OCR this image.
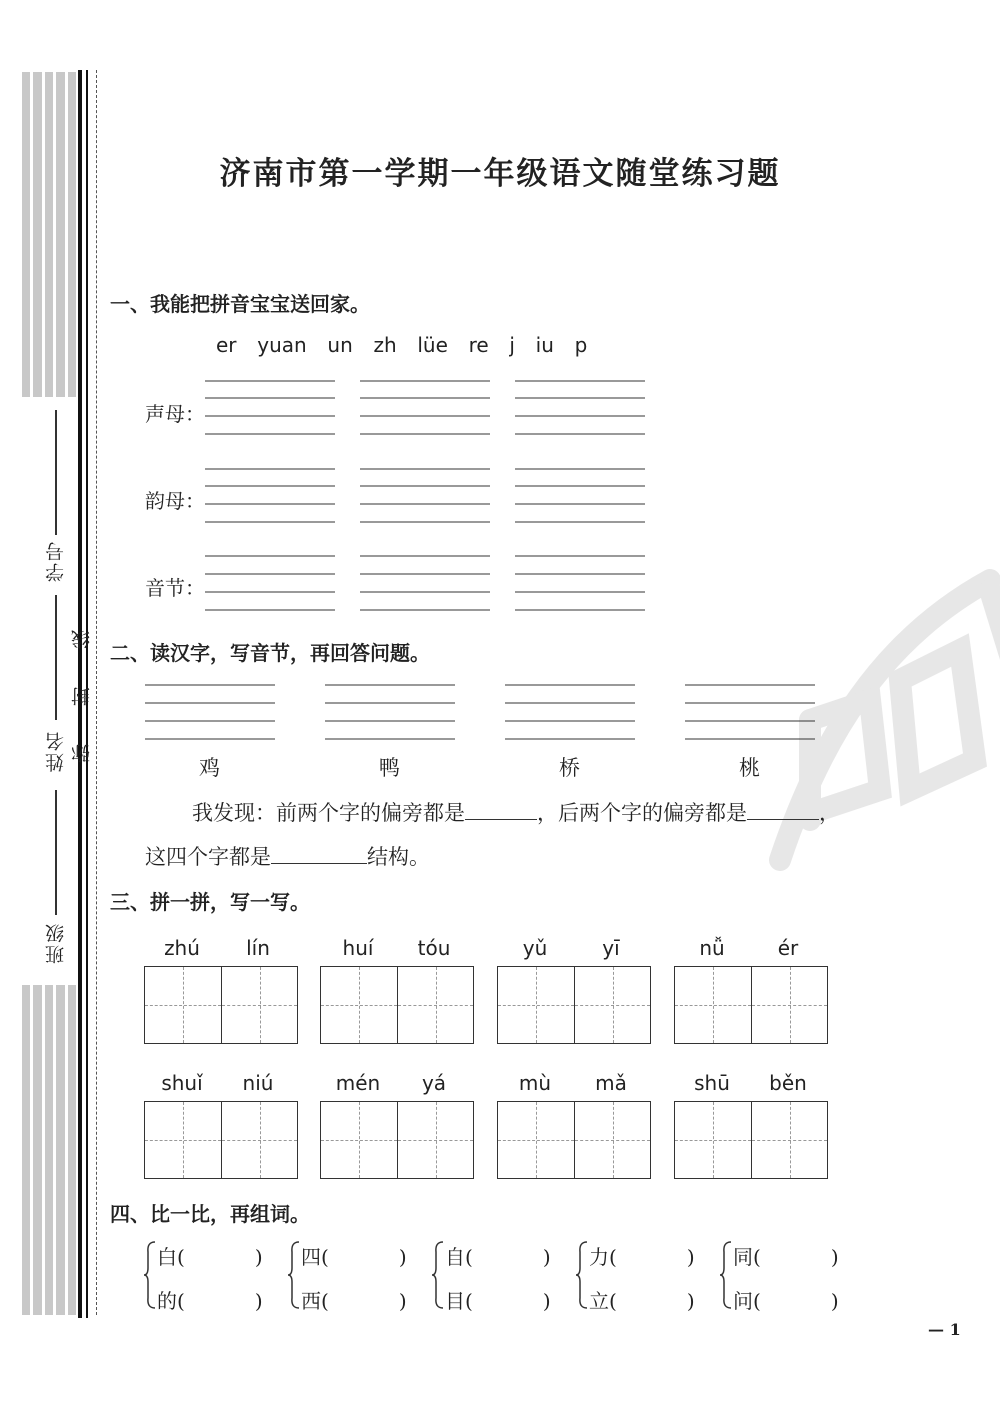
学号
姓名
班级
弥
封
线
济南市第一学期一年级语文随堂练习题
一、我能把拼音宝宝送回家。
er  yuan  un  zh  lüe  re  j  iu  p
声母：
韵母：
音节：
二、读汉字，写音节，再回答问题。
鸡	鸭	桥	桃
我发现：前两个字的偏旁都是	，后两个字的偏旁都是	，
这四个字都是	结构。
三、拼一拼，写一写。
zhú	lín	huí	tóu	yǔ	yī	nǚ	ér
shuǐ	niú	mén	yá	mù	mǎ	shū	běn
四、比一比，再组词。
白(	)
的(	)
四(	)
西(	)
自(	)
目(	)
力(	)
立(	)
同(	)
问(	)
— 1
